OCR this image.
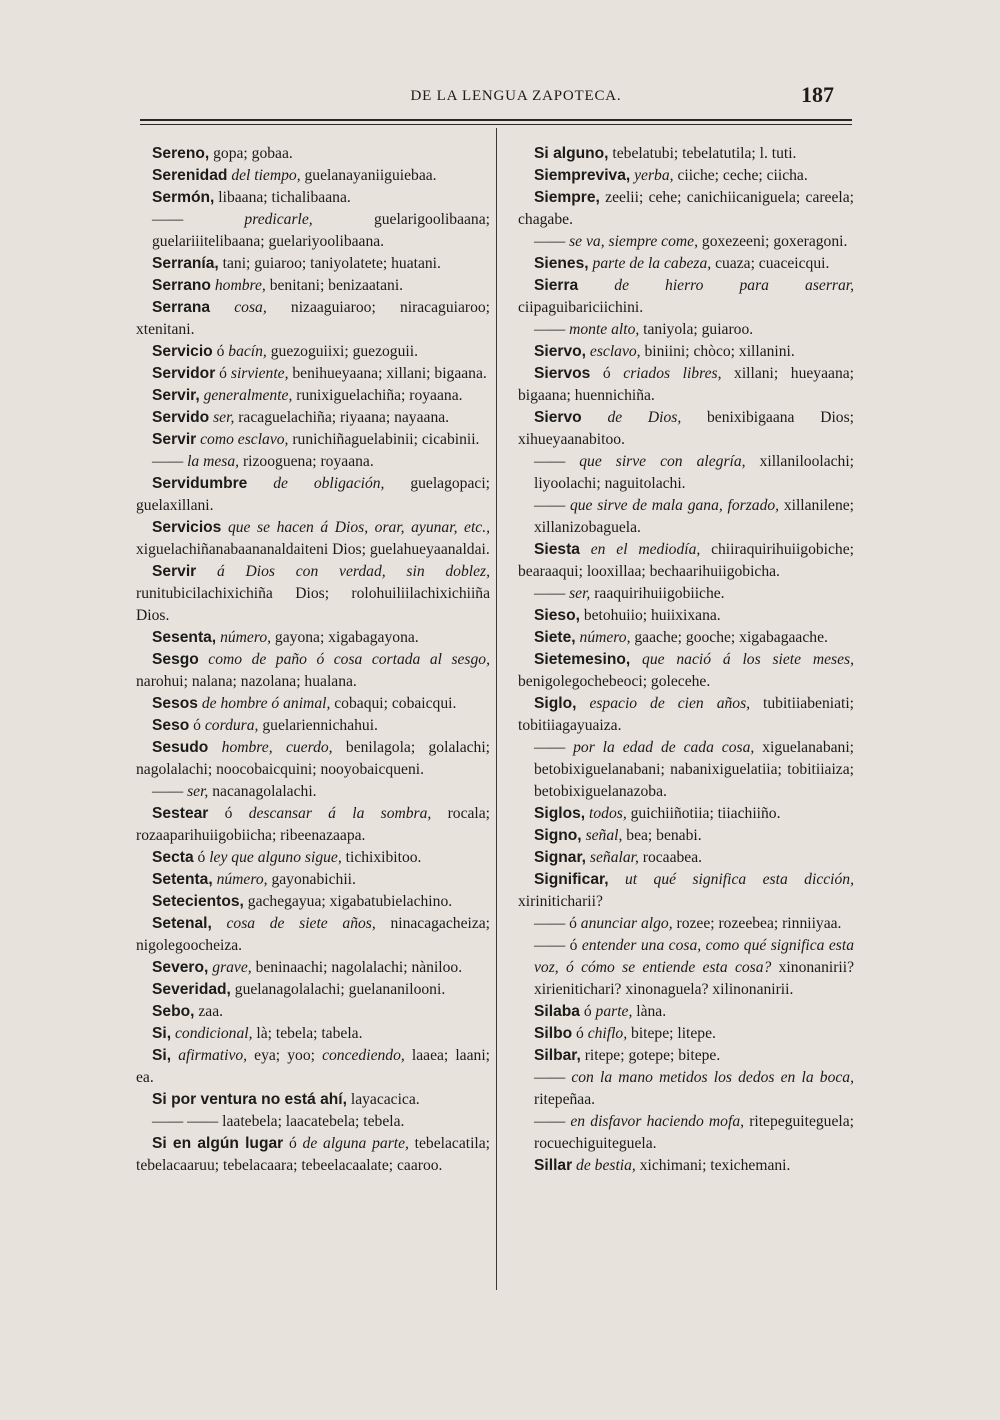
DE LA LENGUA ZAPOTECA.	187

Sereno, gopa; gobaa.

Serenidad del tiempo, guelanayaniiguiebaa.

Sermón, libaana; tichalibaana.

—— predicarle, guelarigoolibaana; guelariiitelibaana; guelariyoolibaana.

Serranía, tani; guiaroo; taniyolatete; huatani.

Serrano hombre, benitani; benizaatani.

Serrana cosa, nizaaguiaroo; niracaguiaroo; xtenitani.

Servicio ó bacín, guezoguiixi; guezoguii.

Servidor ó sirviente, benihueyaana; xillani; bigaana.

Servir, generalmente, runixiguelachiña; royaana.

Servido ser, racaguelachiña; riyaana; nayaana.

Servir como esclavo, runichiñaguelabinii; cicabinii.

—— la mesa, rizooguena; royaana.

Servidumbre de obligación, guelagopaci; guelaxillani.

Servicios que se hacen á Dios, orar, ayunar, etc., xiguelachiñanabaananaldaiteni Dios; guelahueyaanaldai.

Servir á Dios con verdad, sin doblez, runitubicilachixichiña Dios; rolohuiliilachixichiiña Dios.

Sesenta, número, gayona; xigabagayona.

Sesgo como de paño ó cosa cortada al sesgo, narohui; nalana; nazolana; hualana.

Sesos de hombre ó animal, cobaqui; cobaicqui.

Seso ó cordura, guelariennichahui.

Sesudo hombre, cuerdo, benilagola; golalachi; nagolalachi; noocobaicquini; nooyobaicqueni.

—— ser, nacanagolalachi.

Sestear ó descansar á la sombra, rocala; rozaaparihuiigobiicha; ribeenazaapa.

Secta ó ley que alguno sigue, tichixibitoo.

Setenta, número, gayonabichii.

Setecientos, gachegayua; xigabatubielachino.

Setenal, cosa de siete años, ninacagacheiza; nigolegoocheiza.

Severo, grave, beninaachi; nagolalachi; nàniloo.

Severidad, guelanagolalachi; guelananilooni.

Sebo, zaa.

Si, condicional, là; tebela; tabela.

Si, afirmativo, eya; yoo; concediendo, laaea; laani; ea.

Si por ventura no está ahí, layacacica.

—— —— laatebela; laacatebela; tebela.

Si en algún lugar ó de alguna parte, tebelacatila; tebelacaaruu; tebelacaara; tebeelacaalate; caaroo.

Si alguno, tebelatubi; tebelatutila; l. tuti.

Siempreviva, yerba, ciiche; ceche; ciicha.

Siempre, zeelii; cehe; canichiicaniguela; careela; chagabe.

—— se va, siempre come, goxezeeni; goxeragoni.

Sienes, parte de la cabeza, cuaza; cuaceicqui.

Sierra de hierro para aserrar, ciipaguibariciichini.

—— monte alto, taniyola; guiaroo.

Siervo, esclavo, biniini; chòco; xillanini.

Siervos ó criados libres, xillani; hueyaana; bigaana; huennichiña.

Siervo de Dios, benixibigaana Dios; xihueyaanabitoo.

—— que sirve con alegría, xillaniloolachi; liyoolachi; naguitolachi.

—— que sirve de mala gana, forzado, xillanilene; xillanizobaguela.

Siesta en el mediodía, chiiraquirihuiigobiche; bearaaqui; looxillaa; bechaarihuiigobicha.

—— ser, raaquirihuiigobiiche.

Sieso, betohuiio; huiixixana.

Siete, número, gaache; gooche; xigabagaache.

Sietemesino, que nació á los siete meses, benigolegochebeoci; golecehe.

Siglo, espacio de cien años, tubitiiabeniati; tobitiiagayuaiza.

—— por la edad de cada cosa, xiguelanabani; betobixiguelanabani; nabanixiguelatiia; tobitiiaiza; betobixiguelanazoba.

Siglos, todos, guichiiñotiia; tiiachiiño.

Signo, señal, bea; benabi.

Signar, señalar, rocaabea.

Significar, ut qué significa esta dicción, xiriniticharii?

—— ó anunciar algo, rozee; rozeebea; rinniiyaa.

—— ó entender una cosa, como qué significa esta voz, ó cómo se entiende esta cosa? xinonanirii? xirienitichari? xinonaguela? xilinonanirii.

Silaba ó parte, làna.

Silbo ó chiflo, bitepe; litepe.

Silbar, ritepe; gotepe; bitepe.

—— con la mano metidos los dedos en la boca, ritepeñaa.

—— en disfavor haciendo mofa, ritepeguiteguela; rocuechiguiteguela.

Sillar de bestia, xichimani; texichemani.
